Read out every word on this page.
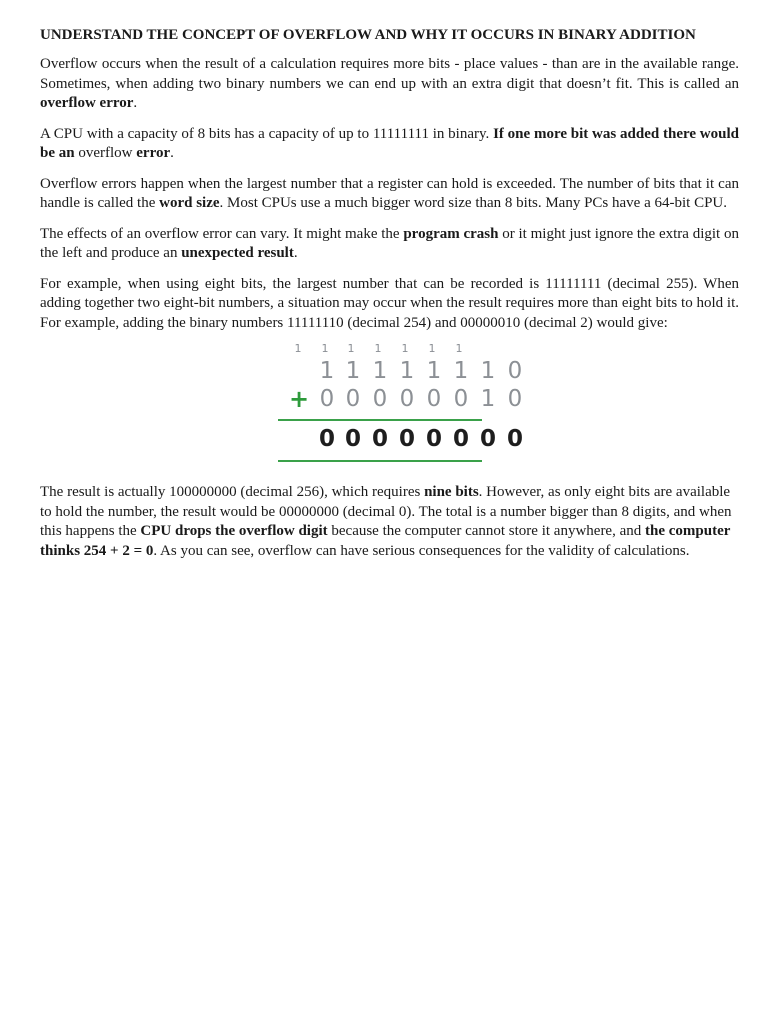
UNDERSTAND THE CONCEPT OF OVERFLOW AND WHY IT OCCURS IN BINARY ADDITION

Overflow occurs when the result of a calculation requires more bits - place values - than are in the available range. Sometimes, when adding two binary numbers we can end up with an extra digit that doesn’t fit. This is called an overflow error.

A CPU with a capacity of 8 bits has a capacity of up to 11111111 in binary. If one more bit was added there would be an overflow error.

Overflow errors happen when the largest number that a register can hold is exceeded. The number of bits that it can handle is called the word size. Most CPUs use a much bigger word size than 8 bits. Many PCs have a 64-bit CPU.

The effects of an overflow error can vary. It might make the program crash or it might just ignore the extra digit on the left and produce an unexpected result.

For example, when using eight bits, the largest number that can be recorded is 11111111 (decimal 255). When adding together two eight-bit numbers, a situation may occur when the result requires more than eight bits to hold it. For example, adding the binary numbers 11111110 (decimal 254) and 00000010 (decimal 2) would give:

1	1	1	1	1	1	1
1 1 1 1 1 1 1 0
+ 0 0 0 0 0 0 1 0
0 0 0 0 0 0 0 0

The result is actually 100000000 (decimal 256), which requires nine bits. However, as only eight bits are available to hold the number, the result would be 00000000 (decimal 0). The total is a number bigger than 8 digits, and when this happens the CPU drops the overflow digit because the computer cannot store it anywhere, and the computer thinks 254 + 2 = 0. As you can see, overflow can have serious consequences for the validity of calculations.
